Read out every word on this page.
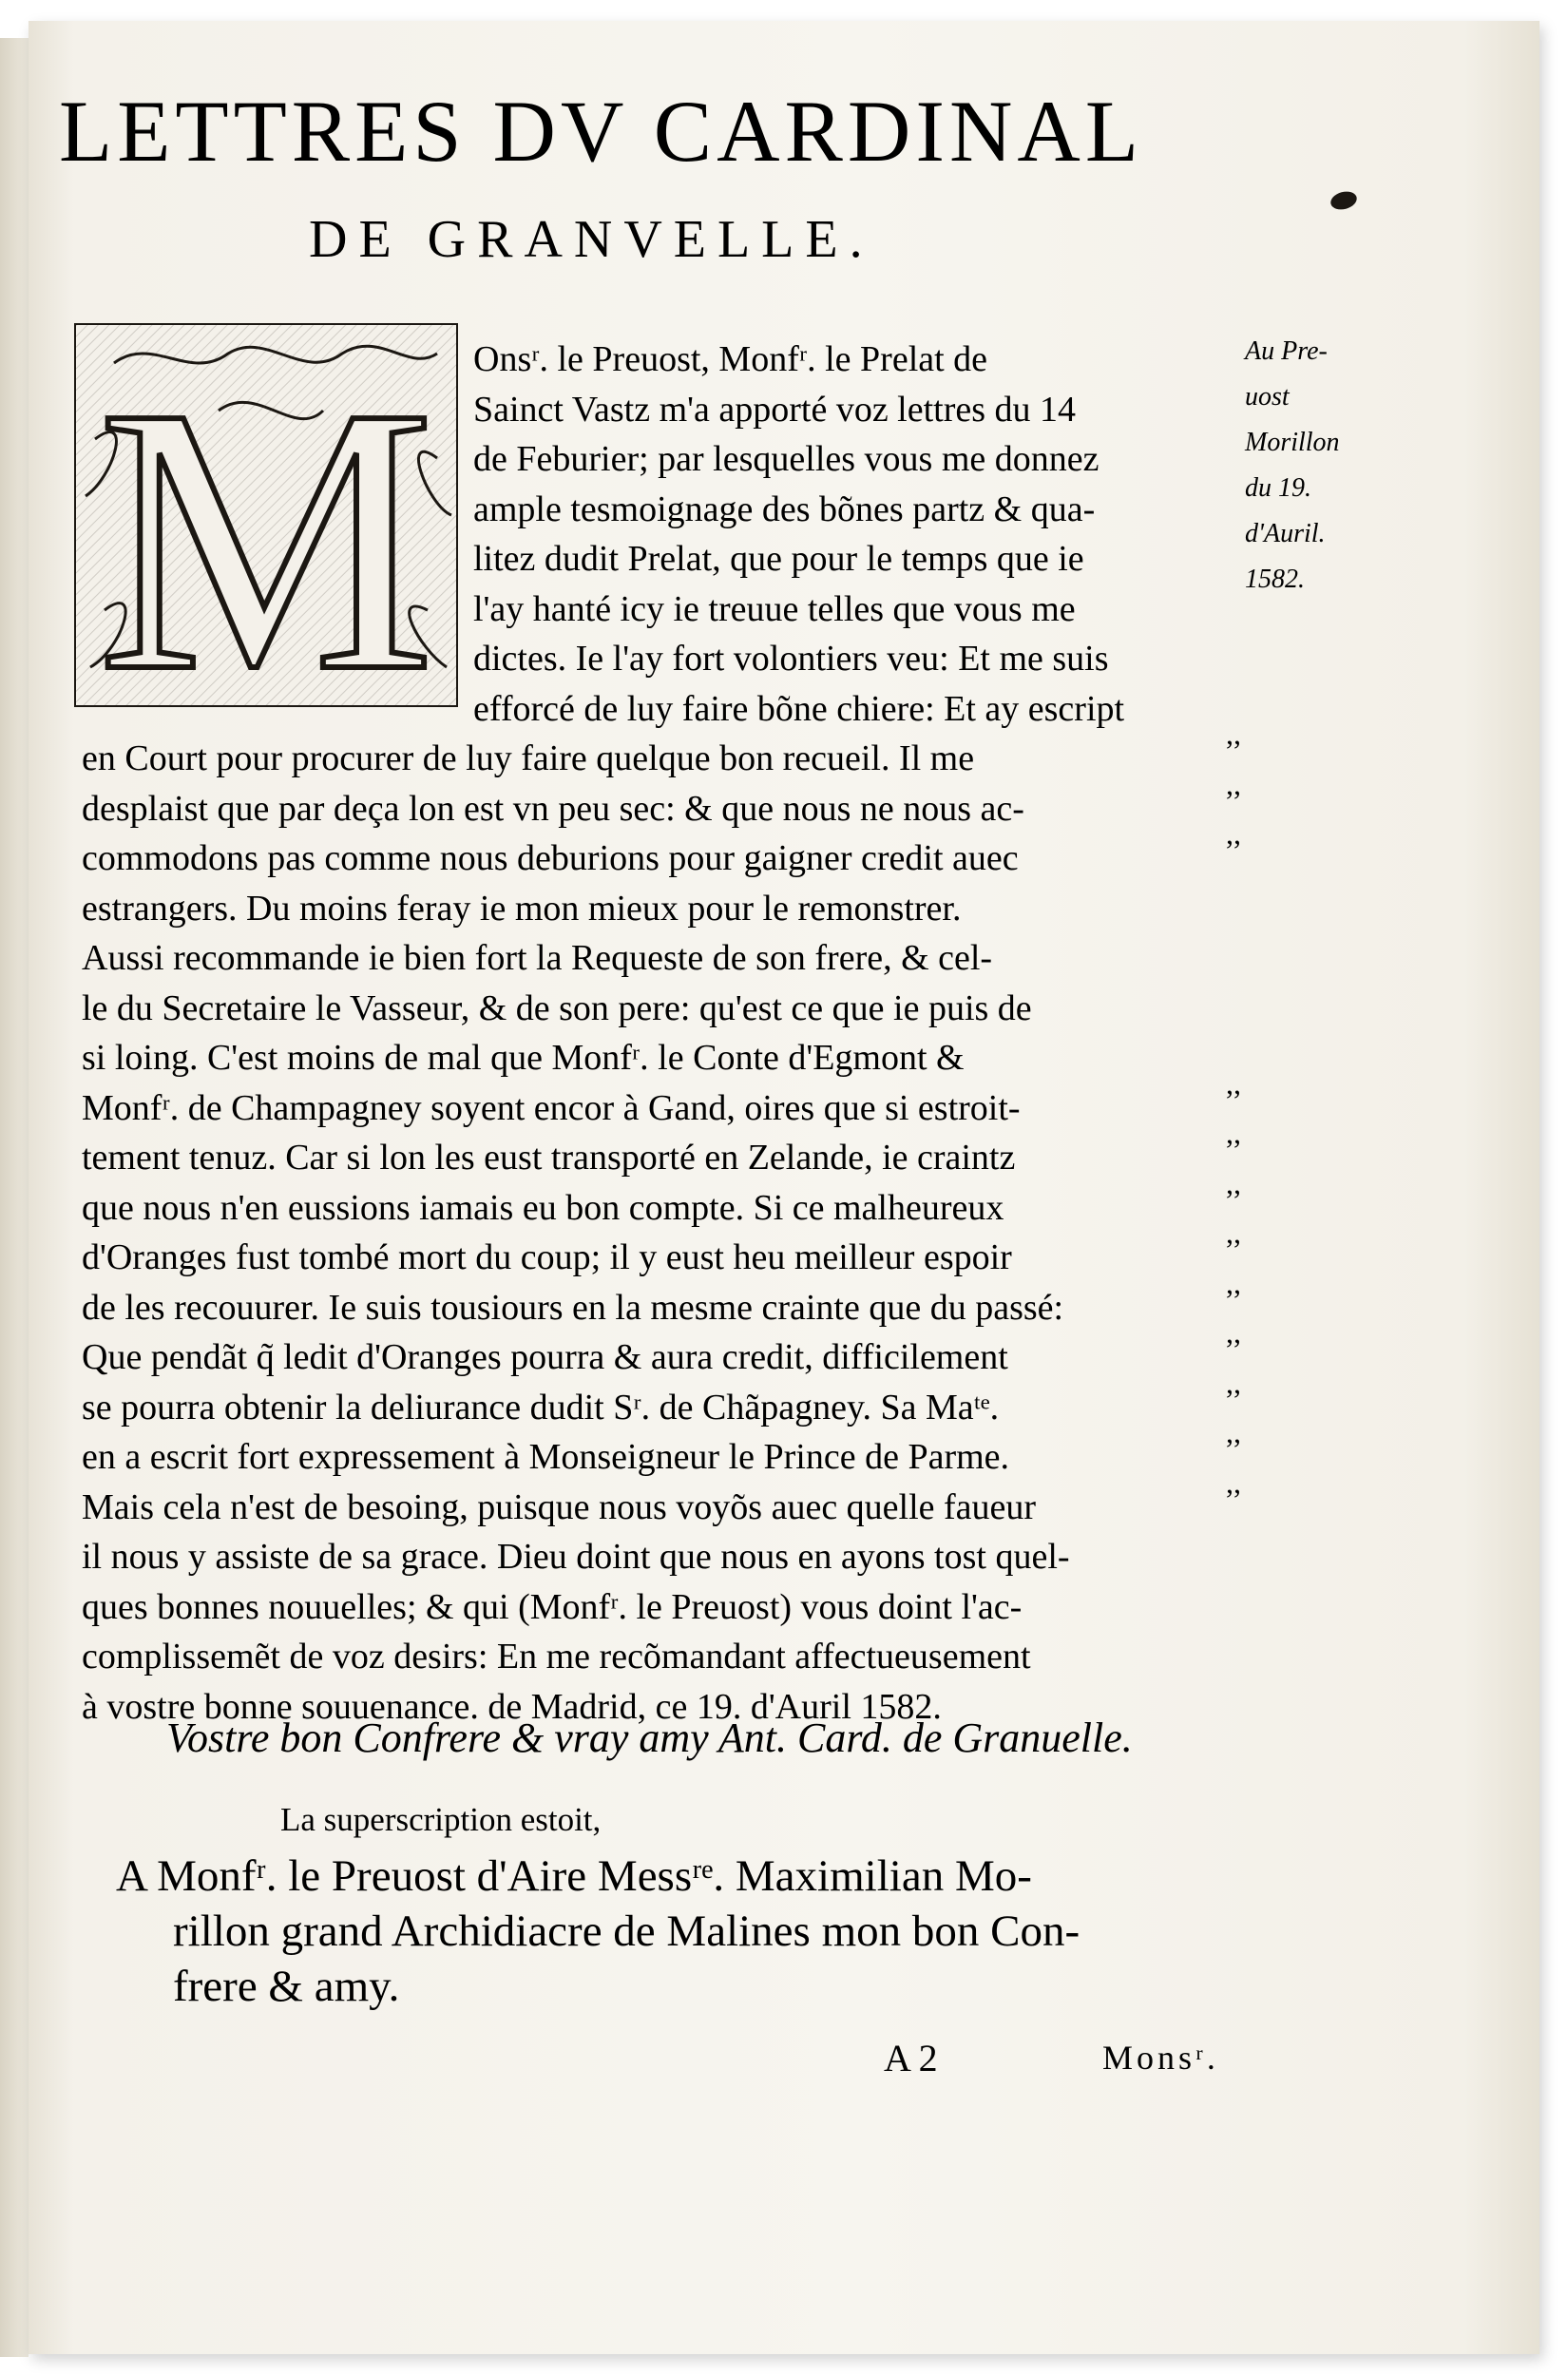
LETTRES DV CARDINAL
DE GRANVELLE.
M	Au Pre-
uost
Morillon
du 19.
d'Auril.
1582.
Onsʳ. le Preuost, Monfʳ. le Prelat de
Sainct Vastz m'a apporté voz lettres du 14
de Feburier; par lesquelles vous me donnez
ample tesmoignage des bõnes partz & qua-
litez dudit Prelat, que pour le temps que ie
l'ay hanté icy ie treuue telles que vous me
dictes. Ie l'ay fort volontiers veu: Et me suis
efforcé de luy faire bõne chiere: Et ay escript
en Court pour procurer de luy faire quelque bon recueil. Il me
desplaist que par deça lon est vn peu sec: & que nous ne nous ac-
commodons pas comme nous deburions pour gaigner credit auec
estrangers. Du moins feray ie mon mieux pour le remonstrer.
Aussi recommande ie bien fort la Requeste de son frere, & cel-
le du Secretaire le Vasseur, & de son pere: qu'est ce que ie puis de
si loing. C'est moins de mal que Monfʳ. le Conte d'Egmont &
Monfʳ. de Champagney soyent encor à Gand, oires que si estroit-
tement tenuz. Car si lon les eust transporté en Zelande, ie craintz
que nous n'en eussions iamais eu bon compte. Si ce malheureux
d'Oranges fust tombé mort du coup; il y eust heu meilleur espoir
de les recouurer. Ie suis tousiours en la mesme crainte que du passé:
Que pendãt q̃ ledit d'Oranges pourra & aura credit, difficilement
se pourra obtenir la deliurance dudit Sʳ. de Chãpagney. Sa Maᵗᵉ.
en a escrit fort expressement à Monseigneur le Prince de Parme.
Mais cela n'est de besoing, puisque nous voyõs auec quelle faueur
il nous y assiste de sa grace. Dieu doint que nous en ayons tost quel-
ques bonnes nouuelles; & qui (Monfʳ. le Preuost) vous doint l'ac-
complissemẽt de voz desirs: En me recõmandant affectueusement
à vostre bonne souuenance. de Madrid, ce 19. d'Auril 1582.
,,
,,
,,

,,
,,
,,
,,
,,
,,
,,
,,
,,
Vostre bon Confrere & vray amy Ant. Card. de Granuelle.
La superscription estoit,
A Monfʳ. le Preuost d'Aire Messʳᵉ. Maximilian Mo-
rillon grand Archidiacre de Malines mon bon Con-
frere & amy.
A 2	Monsʳ.
